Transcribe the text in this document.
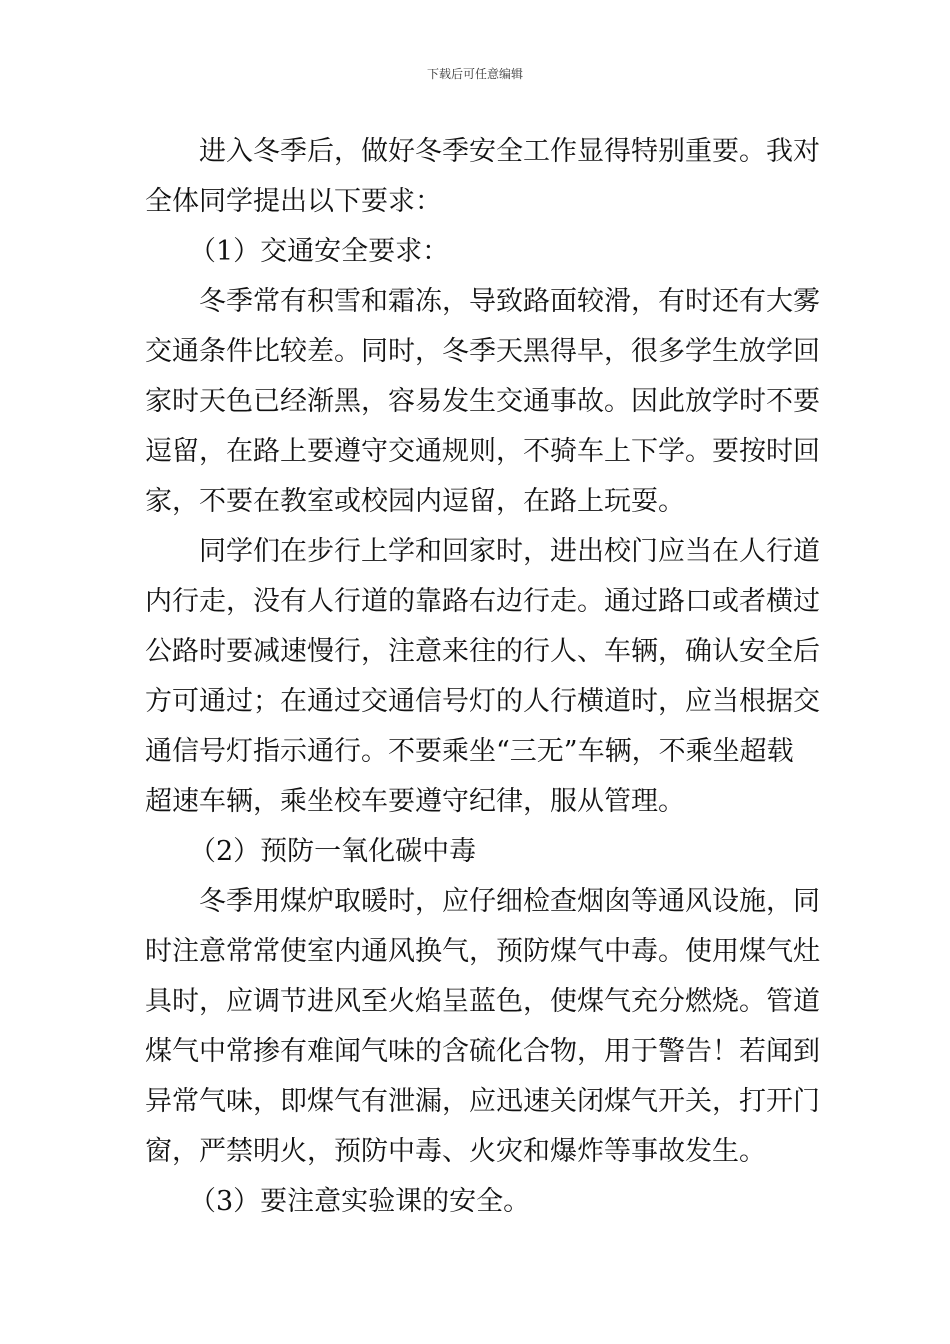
下载后可任意编辑
进入冬季后，做好冬季安全工作显得特别重要。我对
全体同学提出以下要求：
（1）交通安全要求：
冬季常有积雪和霜冻，导致路面较滑，有时还有大雾
交通条件比较差。同时，冬季天黑得早，很多学生放学回
家时天色已经渐黑，容易发生交通事故。因此放学时不要
逗留，在路上要遵守交通规则，不骑车上下学。要按时回
家，不要在教室或校园内逗留，在路上玩耍。
同学们在步行上学和回家时，进出校门应当在人行道
内行走，没有人行道的靠路右边行走。通过路口或者横过
公路时要减速慢行，注意来往的行人、车辆，确认安全后
方可通过；在通过交通信号灯的人行横道时，应当根据交
通信号灯指示通行。不要乘坐“三无”车辆，不乘坐超载
超速车辆，乘坐校车要遵守纪律，服从管理。
（2）预防一氧化碳中毒
冬季用煤炉取暖时，应仔细检查烟囱等通风设施，同
时注意常常使室内通风换气，预防煤气中毒。使用煤气灶
具时，应调节进风至火焰呈蓝色，使煤气充分燃烧。管道
煤气中常掺有难闻气味的含硫化合物，用于警告！若闻到
异常气味，即煤气有泄漏，应迅速关闭煤气开关，打开门
窗，严禁明火，预防中毒、火灾和爆炸等事故发生。
（3）要注意实验课的安全。
